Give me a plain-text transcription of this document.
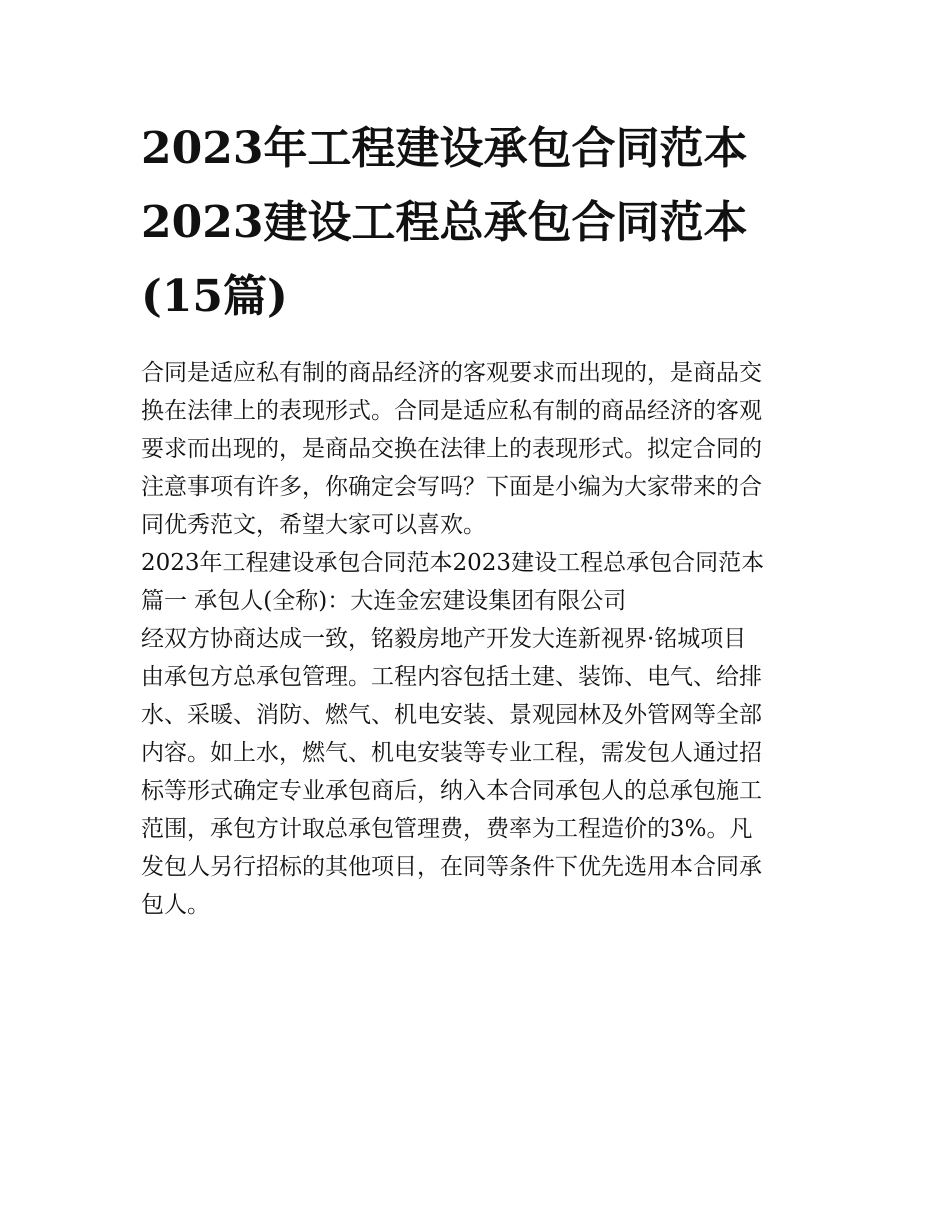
2023年工程建设承包合同范本
2023建设工程总承包合同范本
(15篇)

合同是适应私有制的商品经济的客观要求而出现的，是商品交
换在法律上的表现形式。合同是适应私有制的商品经济的客观
要求而出现的，是商品交换在法律上的表现形式。拟定合同的
注意事项有许多，你确定会写吗？下面是小编为大家带来的合
同优秀范文，希望大家可以喜欢。

2023年工程建设承包合同范本2023建设工程总承包合同范本
篇一 承包人(全称)：大连金宏建设集团有限公司

经双方协商达成一致，铭毅房地产开发大连新视界·铭城项目
由承包方总承包管理。工程内容包括土建、装饰、电气、给排
水、采暖、消防、燃气、机电安装、景观园林及外管网等全部
内容。如上水，燃气、机电安装等专业工程，需发包人通过招
标等形式确定专业承包商后，纳入本合同承包人的总承包施工
范围，承包方计取总承包管理费，费率为工程造价的3%。凡
发包人另行招标的其他项目，在同等条件下优先选用本合同承
包人。
